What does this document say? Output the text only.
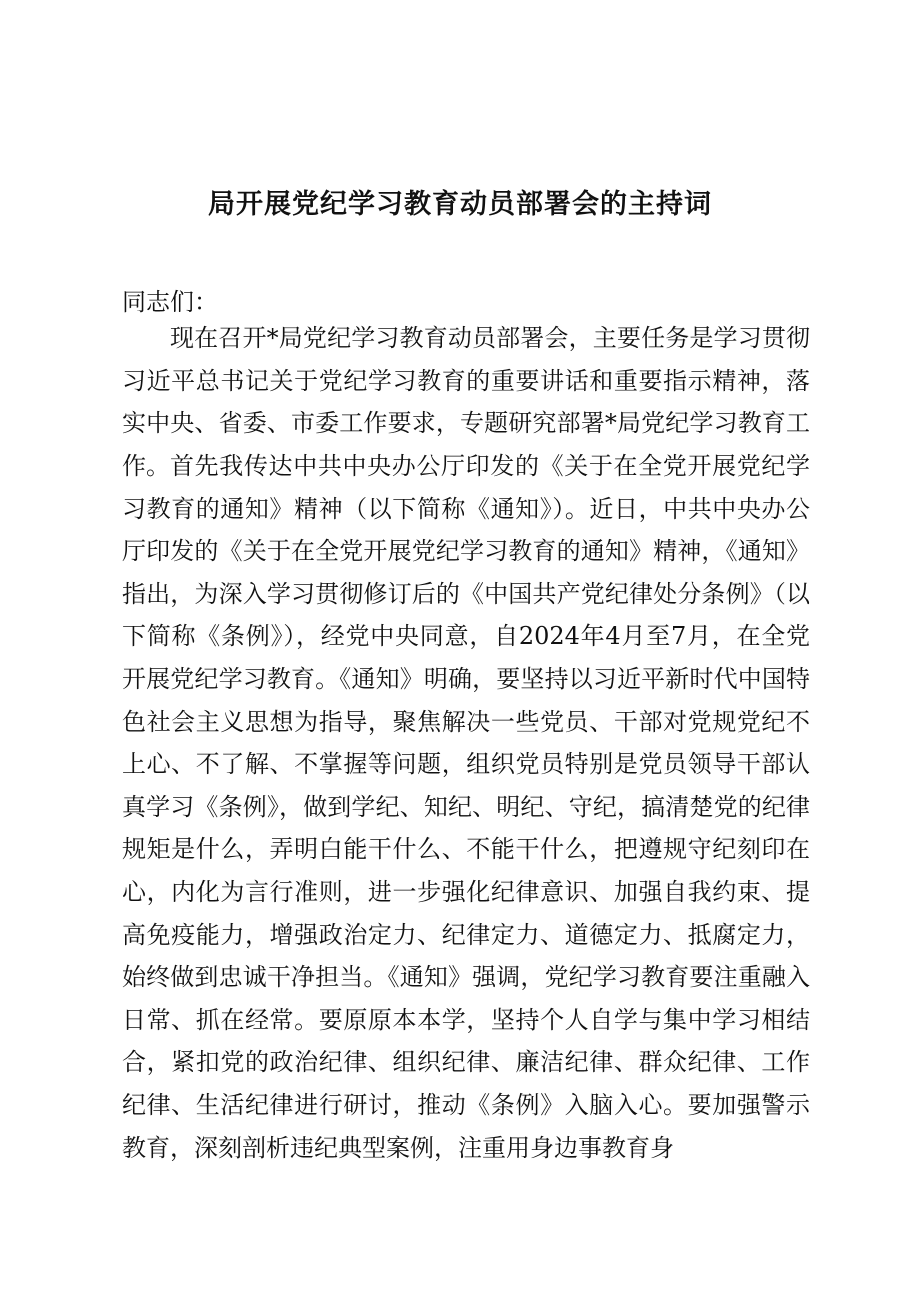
局开展党纪学习教育动员部署会的主持词

同志们：

现在召开*局党纪学习教育动员部署会，主要任务是学习贯彻习近平总书记关于党纪学习教育的重要讲话和重要指示精神，落实中央、省委、市委工作要求，专题研究部署*局党纪学习教育工作。 首先我传达中共中央办公厅印发的《关于在全党开展党纪学习教育的通知》精神（以下简称《通知》）。近日，中共中央办公厅印发的《关于在全党开展党纪学习教育的通知》精神，《通知》指出，为深入学习贯彻修订后的《中国共产党纪律处分条例》（以下简称《条例》），经党中央同意，自2024年4月至7月，在全党开展党纪学习教育。《通知》明确，要坚持以习近平新时代中国特色社会主义思想为指导，聚焦解决一些党员、干部对党规党纪不上心、不了解、不掌握等问题，组织党员特别是党员领导干部认真学习《条例》，做到学纪、知纪、明纪、守纪，搞清楚党的纪律规矩是什么，弄明白能干什么、不能干什么，把遵规守纪刻印在心，内化为言行准则，进一步强化纪律意识、加强自我约束、提高免疫能力，增强政治定力、纪律定力、道德定力、抵腐定力，始终做到忠诚干净担当。《通知》强调，党纪学习教育要注重融入日常、抓在经常。要原原本本学，坚持个人自学与集中学习相结合，紧扣党的政治纪律、组织纪律、廉洁纪律、群众纪律、工作纪律、生活纪律进行研讨，推动《条例》入脑入心。要加强警示教育，深刻剖析违纪典型案例，注重用身边事教育身
